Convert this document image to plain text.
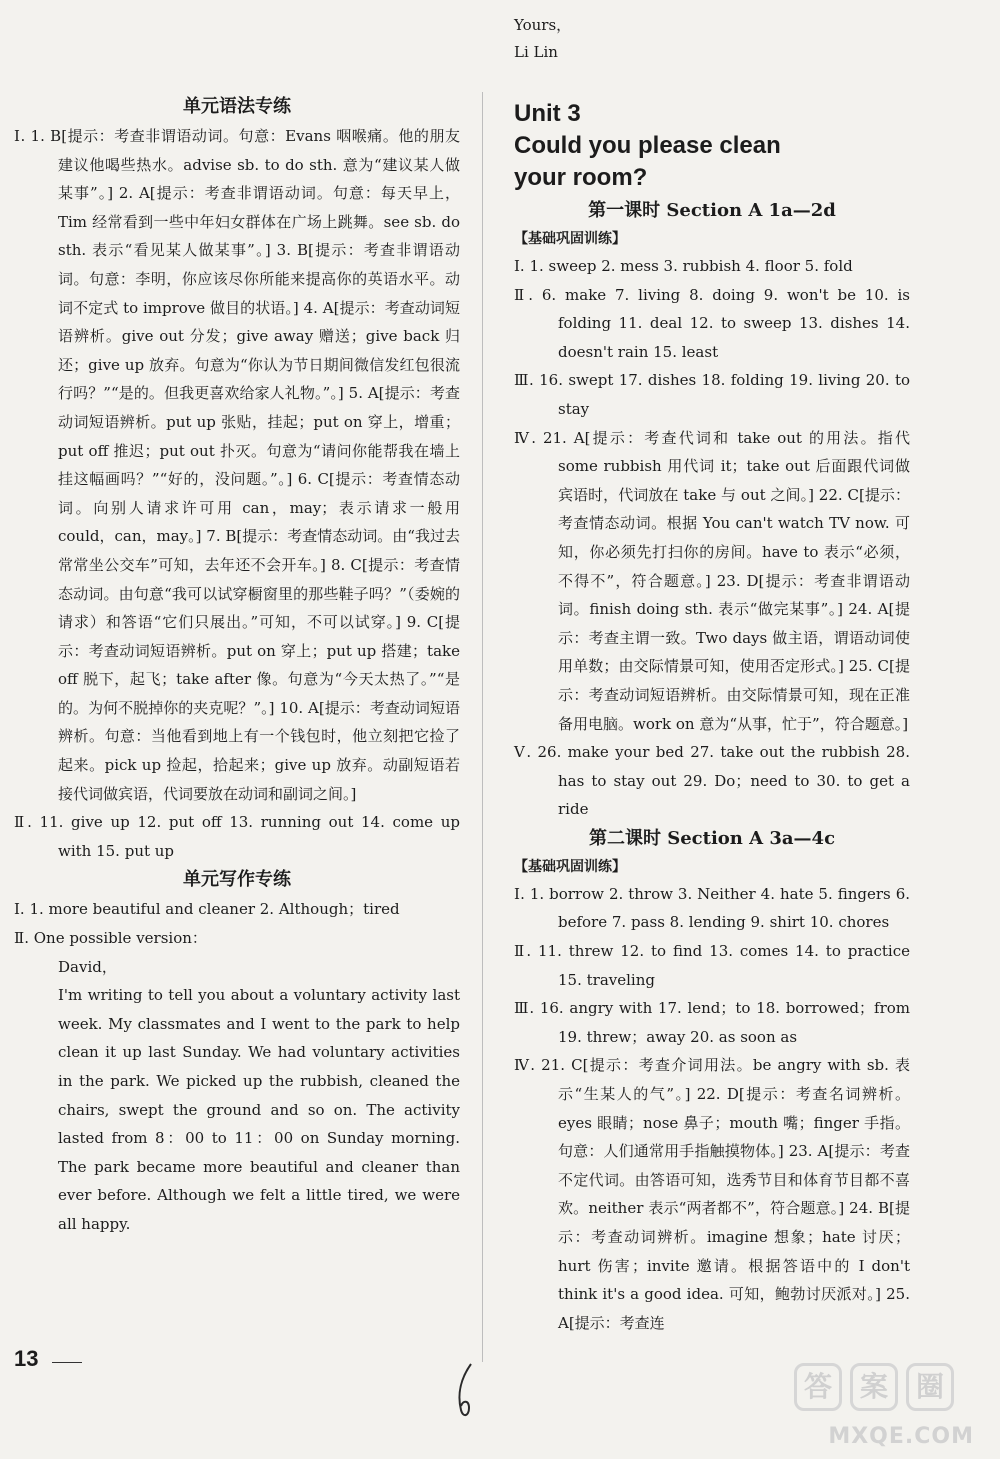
单元语法专练

Ⅰ. 1. B[提示：考查非谓语动词。句意：Evans 咽喉痛。他的朋友建议他喝些热水。advise sb. to do sth. 意为“建议某人做某事”。] 2. A[提示：考查非谓语动词。句意：每天早上，Tim 经常看到一些中年妇女群体在广场上跳舞。see sb. do sth. 表示“看见某人做某事”。] 3. B[提示：考查非谓语动词。句意：李明，你应该尽你所能来提高你的英语水平。动词不定式 to improve 做目的状语。] 4. A[提示：考查动词短语辨析。give out 分发；give away 赠送；give back 归还；give up 放弃。句意为“你认为节日期间微信发红包很流行吗？”“是的。但我更喜欢给家人礼物。”。] 5. A[提示：考查动词短语辨析。put up 张贴，挂起；put on 穿上，增重；put off 推迟；put out 扑灭。句意为“请问你能帮我在墙上挂这幅画吗？”“好的，没问题。”。] 6. C[提示：考查情态动词。向别人请求许可用 can，may；表示请求一般用 could，can，may。] 7. B[提示：考查情态动词。由“我过去常常坐公交车”可知，去年还不会开车。] 8. C[提示：考查情态动词。由句意“我可以试穿橱窗里的那些鞋子吗？”（委婉的请求）和答语“它们只展出。”可知，不可以试穿。] 9. C[提示：考查动词短语辨析。put on 穿上；put up 搭建；take off 脱下，起飞；take after 像。句意为“今天太热了。”“是的。为何不脱掉你的夹克呢？”。] 10. A[提示：考查动词短语辨析。句意：当他看到地上有一个钱包时，他立刻把它捡了起来。pick up 捡起，拾起来；give up 放弃。动副短语若接代词做宾语，代词要放在动词和副词之间。]

Ⅱ. 11. give up 12. put off 13. running out 14. come up with 15. put up

单元写作专练

Ⅰ. 1. more beautiful and cleaner 2. Although；tired

Ⅱ. One possible version：

David，

I'm writing to tell you about a voluntary activity last week. My classmates and I went to the park to help clean it up last Sunday. We had voluntary activities in the park. We picked up the rubbish, cleaned the chairs, swept the ground and so on. The activity lasted from 8：00 to 11：00 on Sunday morning. The park became more beautiful and cleaner than ever before. Although we felt a little tired, we were all happy.

Yours，

Li Lin

Unit 3Could you please clean your room?

第一课时 Section A 1a—2d

【基础巩固训练】

Ⅰ. 1. sweep 2. mess 3. rubbish 4. floor 5. fold

Ⅱ. 6. make 7. living 8. doing 9. won't be 10. is folding 11. deal 12. to sweep 13. dishes 14. doesn't rain 15. least

Ⅲ. 16. swept 17. dishes 18. folding 19. living 20. to stay

Ⅳ. 21. A[提示：考查代词和 take out 的用法。指代 some rubbish 用代词 it；take out 后面跟代词做宾语时，代词放在 take 与 out 之间。] 22. C[提示：考查情态动词。根据 You can't watch TV now. 可知，你必须先打扫你的房间。have to 表示“必须，不得不”，符合题意。] 23. D[提示：考查非谓语动词。finish doing sth. 表示“做完某事”。] 24. A[提示：考查主谓一致。Two days 做主语，谓语动词使用单数；由交际情景可知，使用否定形式。] 25. C[提示：考查动词短语辨析。由交际情景可知，现在正准备用电脑。work on 意为“从事，忙于”，符合题意。]

Ⅴ. 26. make your bed 27. take out the rubbish 28. has to stay out 29. Do；need to 30. to get a ride

第二课时 Section A 3a—4c

【基础巩固训练】

Ⅰ. 1. borrow 2. throw 3. Neither 4. hate 5. fingers 6. before 7. pass 8. lending 9. shirt 10. chores

Ⅱ. 11. threw 12. to find 13. comes 14. to practice 15. traveling

Ⅲ. 16. angry with 17. lend；to 18. borrowed；from 19. threw；away 20. as soon as

Ⅳ. 21. C[提示：考查介词用法。be angry with sb. 表示“生某人的气”。] 22. D[提示：考查名词辨析。eyes 眼睛；nose 鼻子；mouth 嘴；finger 手指。句意：人们通常用手指触摸物体。] 23. A[提示：考查不定代词。由答语可知，选秀节目和体育节目都不喜欢。neither 表示“两者都不”，符合题意。] 24. B[提示：考查动词辨析。imagine 想象；hate 讨厌；hurt 伤害；invite 邀请。根据答语中的 I don't think it's a good idea. 可知，鲍勃讨厌派对。] 25. A[提示：考查连

13
答 案 圈
MXQE.COM
